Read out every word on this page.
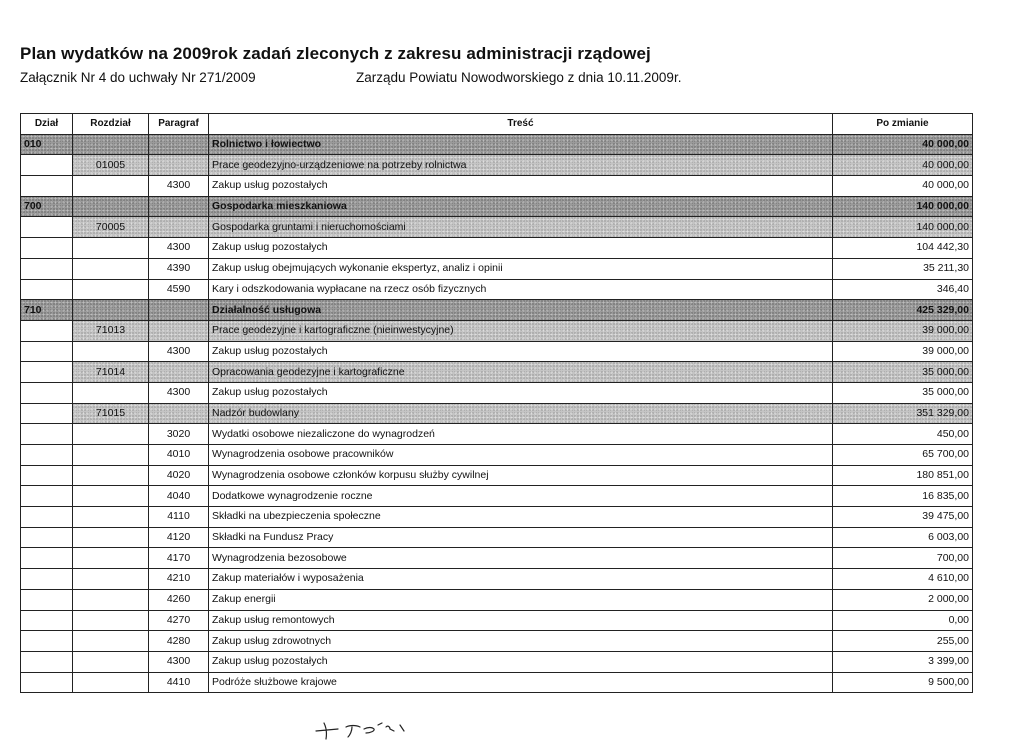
Plan wydatków na 2009rok zadań zleconych z zakresu administracji rządowej
Załącznik Nr 4 do uchwały Nr 271/2009	Zarządu Powiatu Nowodworskiego z dnia 10.11.2009r.
Dział	Rozdział	Paragraf	Treść	Po zmianie
010			Rolnictwo i łowiectwo	40 000,00
	01005		Prace geodezyjno-urządzeniowe na potrzeby rolnictwa	40 000,00
		4300	Zakup usług pozostałych	40 000,00
700			Gospodarka mieszkaniowa	140 000,00
	70005		Gospodarka gruntami i nieruchomościami	140 000,00
		4300	Zakup usług pozostałych	104 442,30
		4390	Zakup usług obejmujących wykonanie ekspertyz, analiz i opinii	35 211,30
		4590	Kary i odszkodowania wypłacane na rzecz osób fizycznych	346,40
710			Działalność usługowa	425 329,00
	71013		Prace geodezyjne i kartograficzne (nieinwestycyjne)	39 000,00
		4300	Zakup usług pozostałych	39 000,00
	71014		Opracowania geodezyjne i kartograficzne	35 000,00
		4300	Zakup usług pozostałych	35 000,00
	71015		Nadzór budowlany	351 329,00
		3020	Wydatki osobowe niezaliczone do wynagrodzeń	450,00
		4010	Wynagrodzenia osobowe pracowników	65 700,00
		4020	Wynagrodzenia osobowe członków korpusu służby cywilnej	180 851,00
		4040	Dodatkowe wynagrodzenie roczne	16 835,00
		4110	Składki na ubezpieczenia społeczne	39 475,00
		4120	Składki na Fundusz Pracy	6 003,00
		4170	Wynagrodzenia bezosobowe	700,00
		4210	Zakup materiałów i wyposażenia	4 610,00
		4260	Zakup energii	2 000,00
		4270	Zakup usług remontowych	0,00
		4280	Zakup usług zdrowotnych	255,00
		4300	Zakup usług pozostałych	3 399,00
		4410	Podróże służbowe krajowe	9 500,00
